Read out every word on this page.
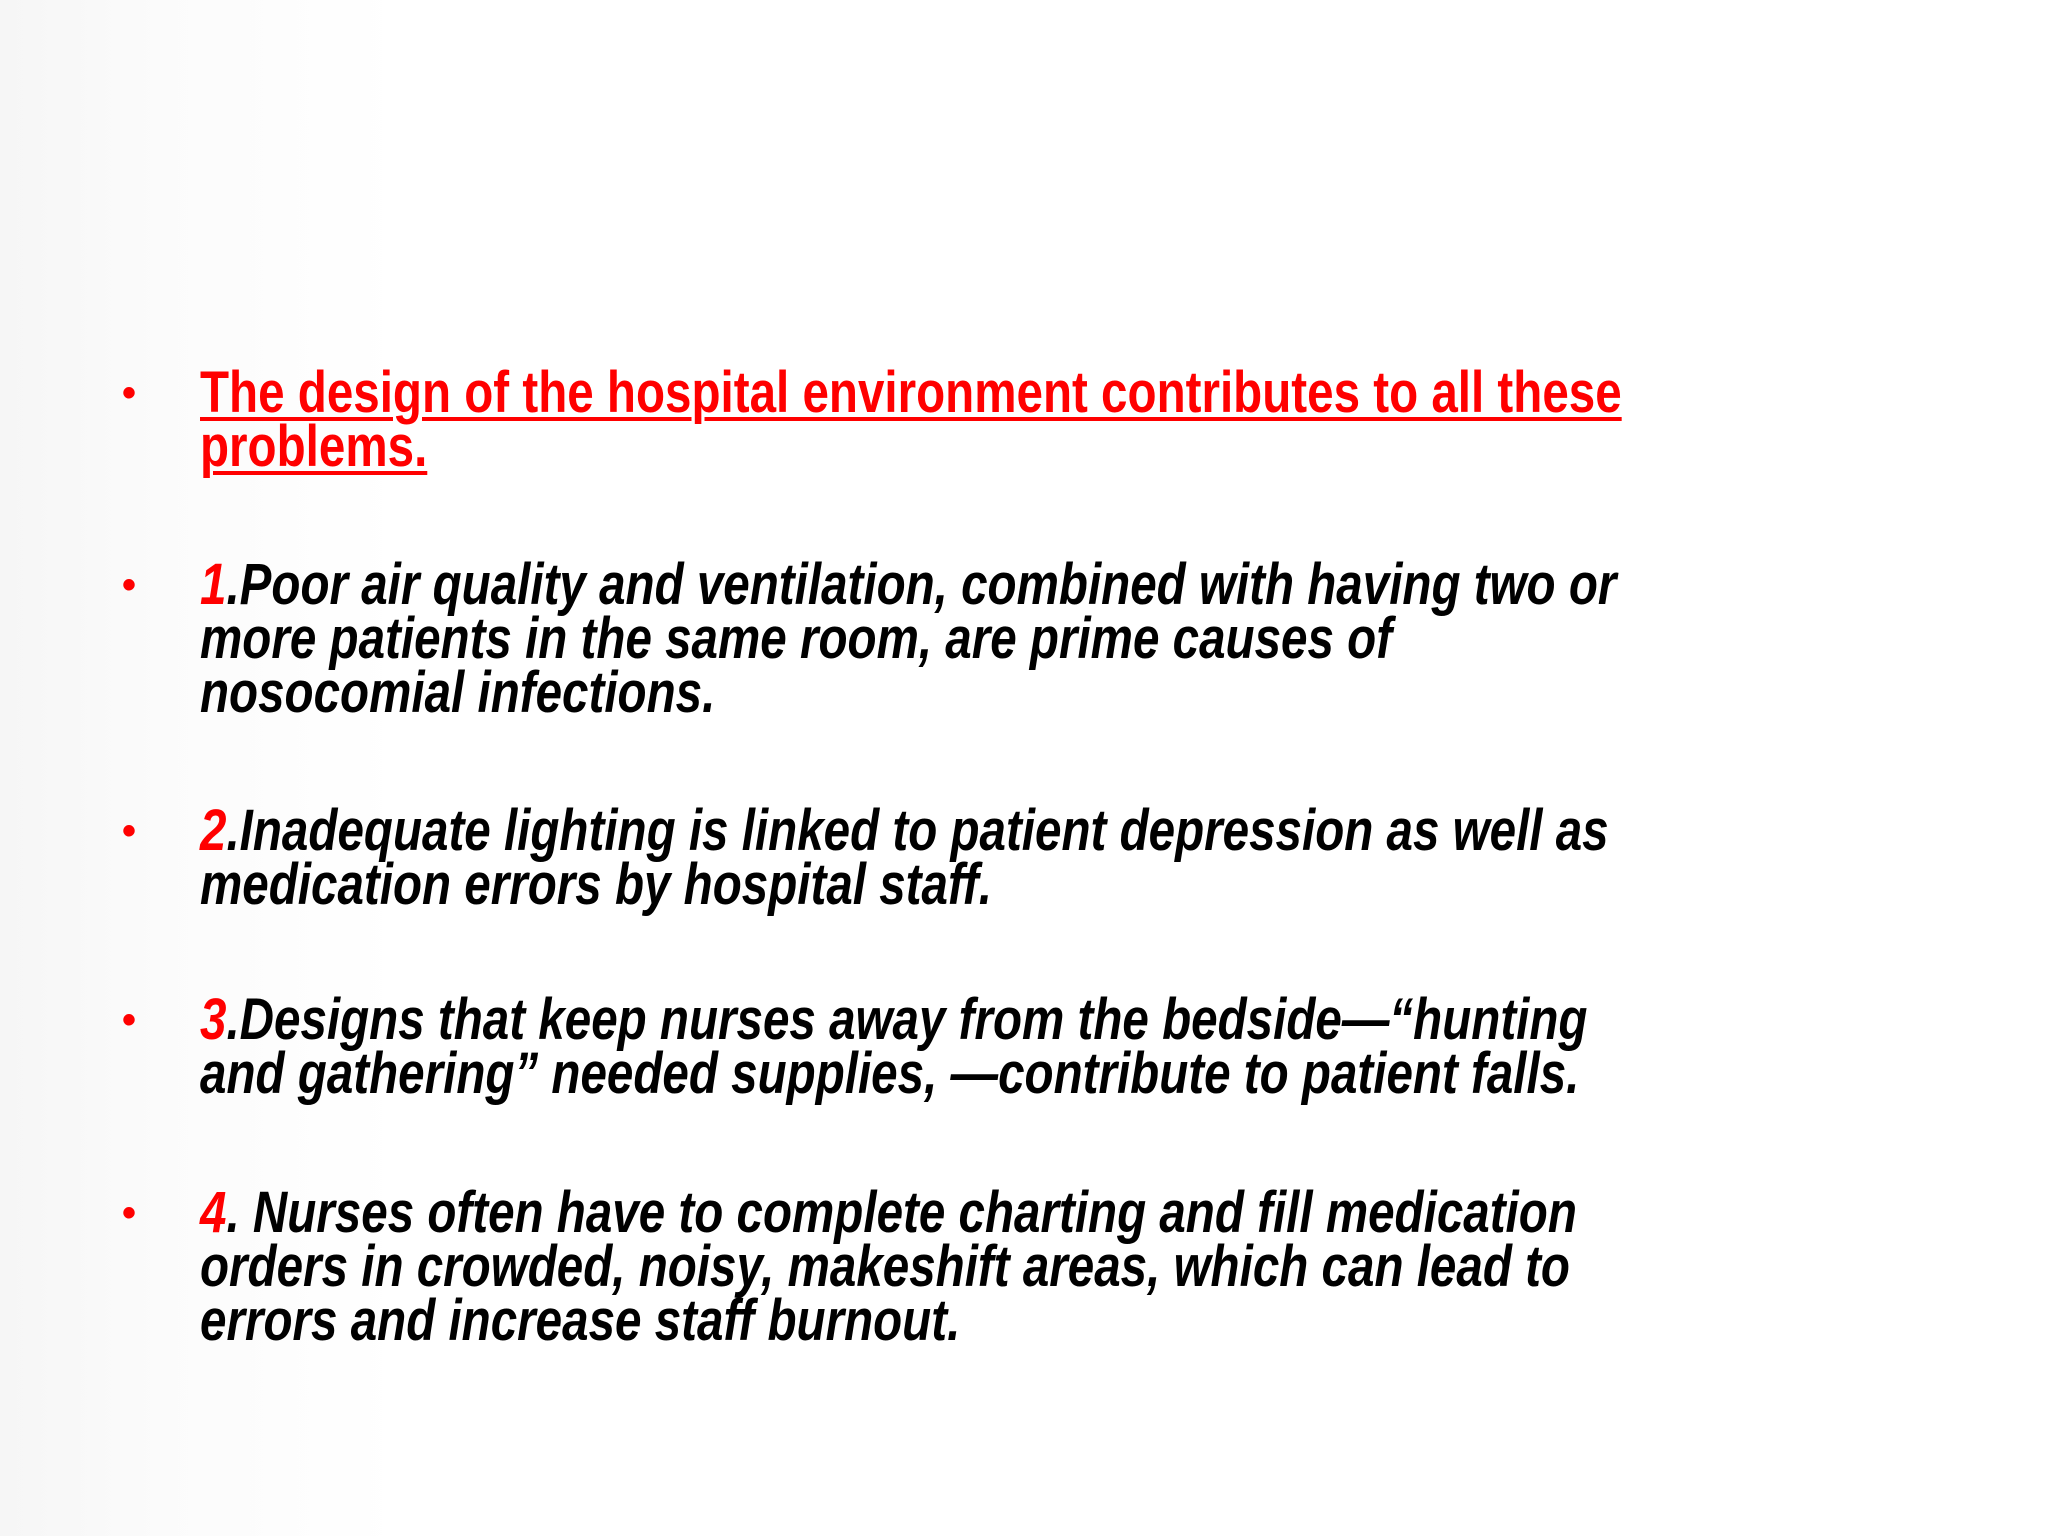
• The design of the hospital environment contributes to all these
problems.
• 1.Poor air quality and ventilation, combined with having two or
more patients in the same room, are prime causes of
nosocomial infections.
• 2.Inadequate lighting is linked to patient depression as well as
medication errors by hospital staff.
• 3.Designs that keep nurses away from the bedside—“hunting
and gathering” needed supplies, —contribute to patient falls.
• 4. Nurses often have to complete charting and fill medication
orders in crowded, noisy, makeshift areas, which can lead to
errors and increase staff burnout.
